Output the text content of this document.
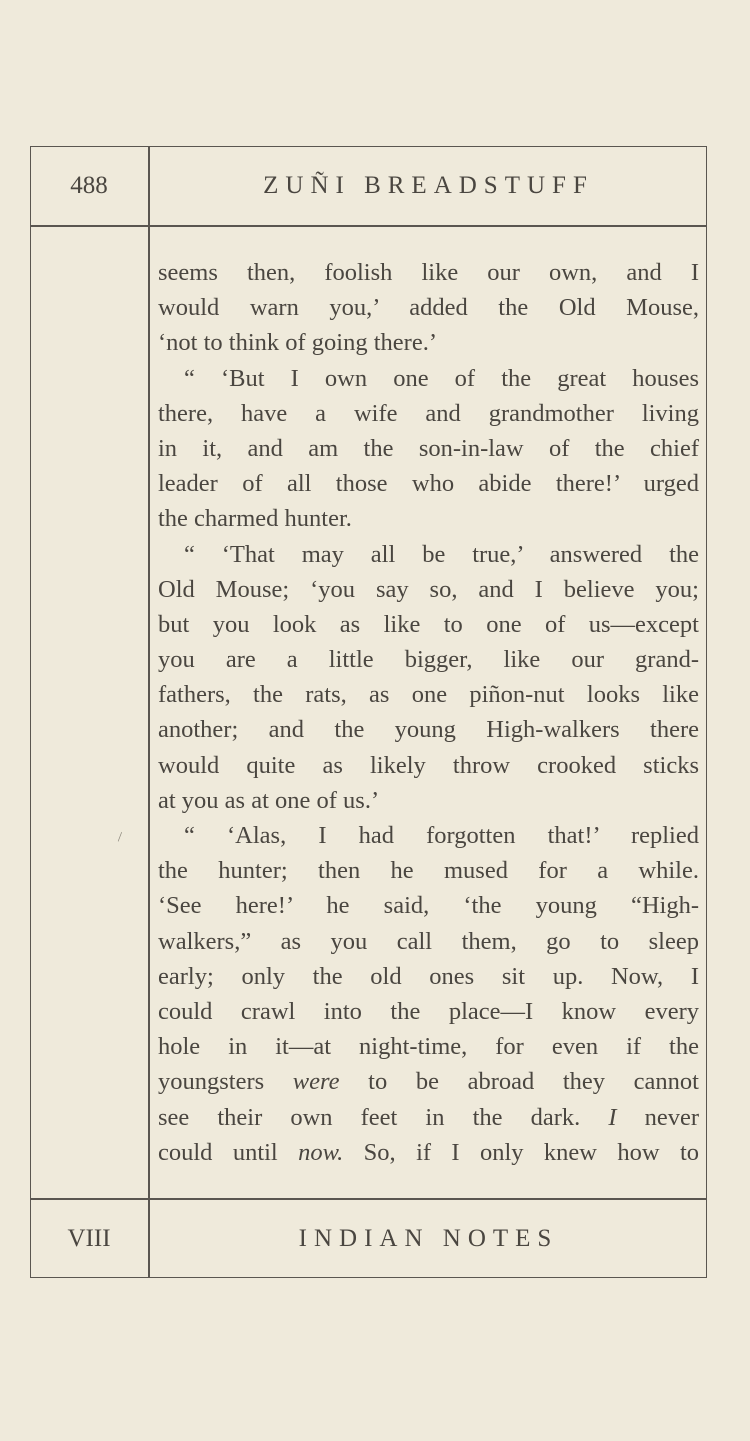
488	ZUÑI BREADSTUFF
seems then, foolish like our own, and I
would warn you,’ added the Old Mouse,
‘not to think of going there.’
“ ‘But I own one of the great houses
there, have a wife and grandmother living
in it, and am the son-in-law of the chief
leader of all those who abide there!’ urged
the charmed hunter.
“ ‘That may all be true,’ answered the
Old Mouse; ‘you say so, and I believe you;
but you look as like to one of us—except
you are a little bigger, like our grand-
fathers, the rats, as one piñon-nut looks like
another; and the young High-walkers there
would quite as likely throw crooked sticks
at you as at one of us.’
“ ‘Alas, I had forgotten that!’ replied
the hunter; then he mused for a while.
‘See here!’ he said, ‘the young “High-
walkers,” as you call them, go to sleep
early; only the old ones sit up. Now, I
could crawl into the place—I know every
hole in it—at night-time, for even if the
youngsters were to be abroad they cannot
see their own feet in the dark. I never
could until now. So, if I only knew how to
\
VIII	INDIAN NOTES
